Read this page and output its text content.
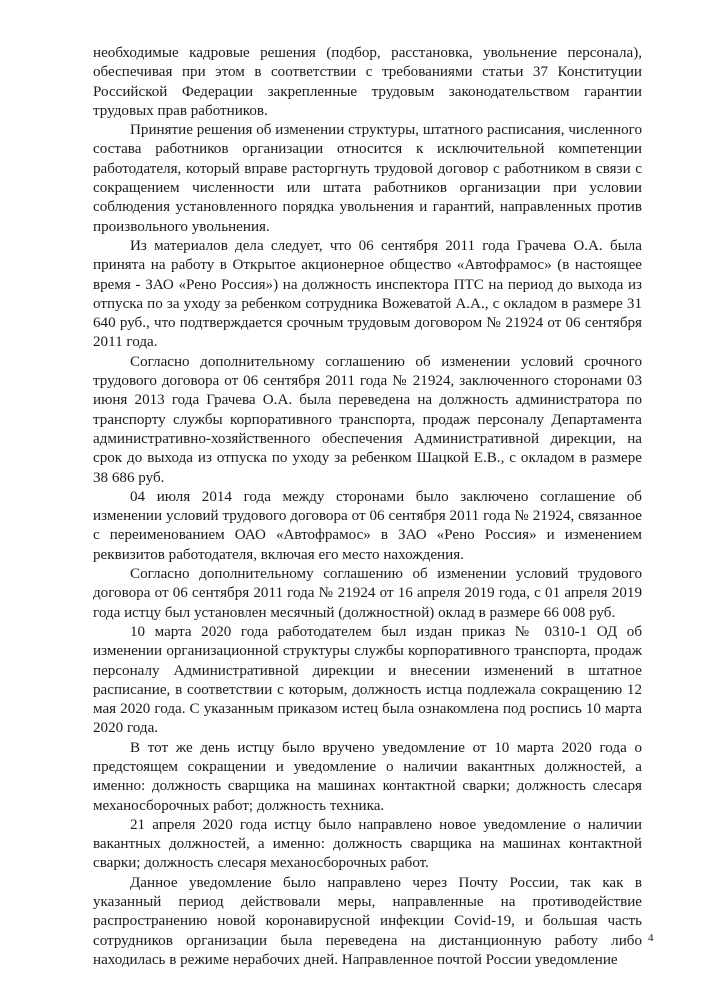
необходимые кадровые решения (подбор, расстановка, увольнение персонала), обеспечивая при этом в соответствии с требованиями статьи 37 Конституции Российской Федерации закрепленные трудовым законодательством гарантии трудовых прав работников.

Принятие решения об изменении структуры, штатного расписания, численного состава работников организации относится к исключительной компетенции работодателя, который вправе расторгнуть трудовой договор с работником в связи с сокращением численности или штата работников организации при условии соблюдения установленного порядка увольнения и гарантий, направленных против произвольного увольнения.

Из материалов дела следует, что 06 сентября 2011 года Грачева О.А. была принята на работу в Открытое акционерное общество «Автофрамос» (в настоящее время - ЗАО «Рено Россия») на должность инспектора ПТС на период до выхода из отпуска по за уходу за ребенком сотрудника Вожеватой А.А., с окладом в размере 31 640 руб., что подтверждается срочным трудовым договором № 21924 от 06 сентября 2011 года.

Согласно дополнительному соглашению об изменении условий срочного трудового договора от 06 сентября 2011 года № 21924, заключенного сторонами 03 июня 2013 года Грачева О.А. была переведена на должность администратора по транспорту службы корпоративного транспорта, продаж персоналу Департамента административно-хозяйственного обеспечения Административной дирекции, на срок до выхода из отпуска по уходу за ребенком Шацкой Е.В., с окладом в размере 38 686 руб.

04 июля 2014 года между сторонами было заключено соглашение об изменении условий трудового договора от 06 сентября 2011 года № 21924, связанное с переименованием ОАО «Автофрамос» в ЗАО «Рено Россия» и изменением реквизитов работодателя, включая его место нахождения.

Согласно дополнительному соглашению об изменении условий трудового договора от 06 сентября 2011 года № 21924 от 16 апреля 2019 года, с 01 апреля 2019 года истцу был установлен месячный (должностной) оклад в размере 66 008 руб.

10 марта 2020 года работодателем был издан приказ № 0310-1 ОД об изменении организационной структуры службы корпоративного транспорта, продаж персоналу Административной дирекции и внесении изменений в штатное расписание, в соответствии с которым, должность истца подлежала сокращению 12 мая 2020 года. С указанным приказом истец была ознакомлена под роспись 10 марта 2020 года.

В тот же день истцу было вручено уведомление от 10 марта 2020 года о предстоящем сокращении и уведомление о наличии вакантных должностей, а именно: должность сварщика на машинах контактной сварки; должность слесаря механосборочных работ; должность техника.

21 апреля 2020 года истцу было направлено новое уведомление о наличии вакантных должностей, а именно: должность сварщика на машинах контактной сварки; должность слесаря механосборочных работ.

Данное уведомление было направлено через Почту России, так как в указанный период действовали меры, направленные на противодействие распространению новой коронавирусной инфекции Covid-19, и большая часть сотрудников организации была переведена на дистанционную работу либо находилась в режиме нерабочих дней. Направленное почтой России уведомление

4
